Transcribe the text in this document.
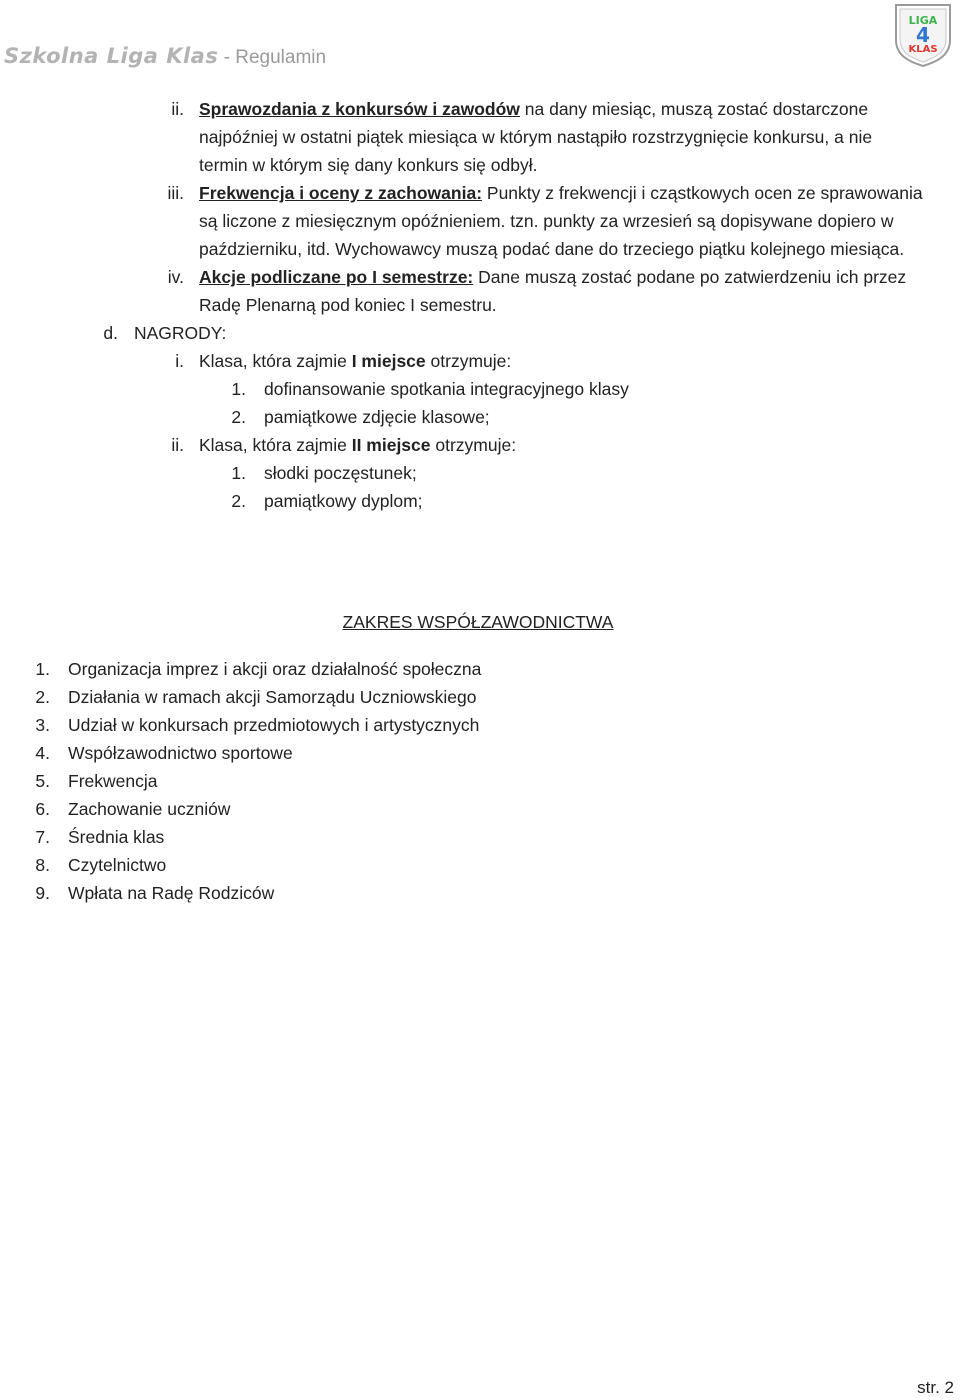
Szkolna Liga Klas - Regulamin
LIGA
4
KLAS
ii. Sprawozdania z konkursów i zawodów na dany miesiąc, muszą zostać dostarczone
najpóźniej w ostatni piątek miesiąca w którym nastąpiło rozstrzygnięcie konkursu, a nie
termin w którym się dany konkurs się odbył.
iii. Frekwencja i oceny z zachowania: Punkty z frekwencji i cząstkowych ocen ze sprawowania
są liczone z miesięcznym opóźnieniem. tzn. punkty za wrzesień są dopisywane dopiero w
październiku, itd. Wychowawcy muszą podać dane do trzeciego piątku kolejnego miesiąca.
iv. Akcje podliczane po I semestrze: Dane muszą zostać podane po zatwierdzeniu ich przez
Radę Plenarną pod koniec I semestru.
d. NAGRODY:
i. Klasa, która zajmie I miejsce otrzymuje:
1. dofinansowanie spotkania integracyjnego klasy
2. pamiątkowe zdjęcie klasowe;
ii. Klasa, która zajmie II miejsce otrzymuje:
1. słodki poczęstunek;
2. pamiątkowy dyplom;
ZAKRES WSPÓŁZAWODNICTWA
1. Organizacja imprez i akcji oraz działalność społeczna
2. Działania w ramach akcji Samorządu Uczniowskiego
3. Udział w konkursach przedmiotowych i artystycznych
4. Współzawodnictwo sportowe
5. Frekwencja
6. Zachowanie uczniów
7. Średnia klas
8. Czytelnictwo
9. Wpłata na Radę Rodziców
str. 2
